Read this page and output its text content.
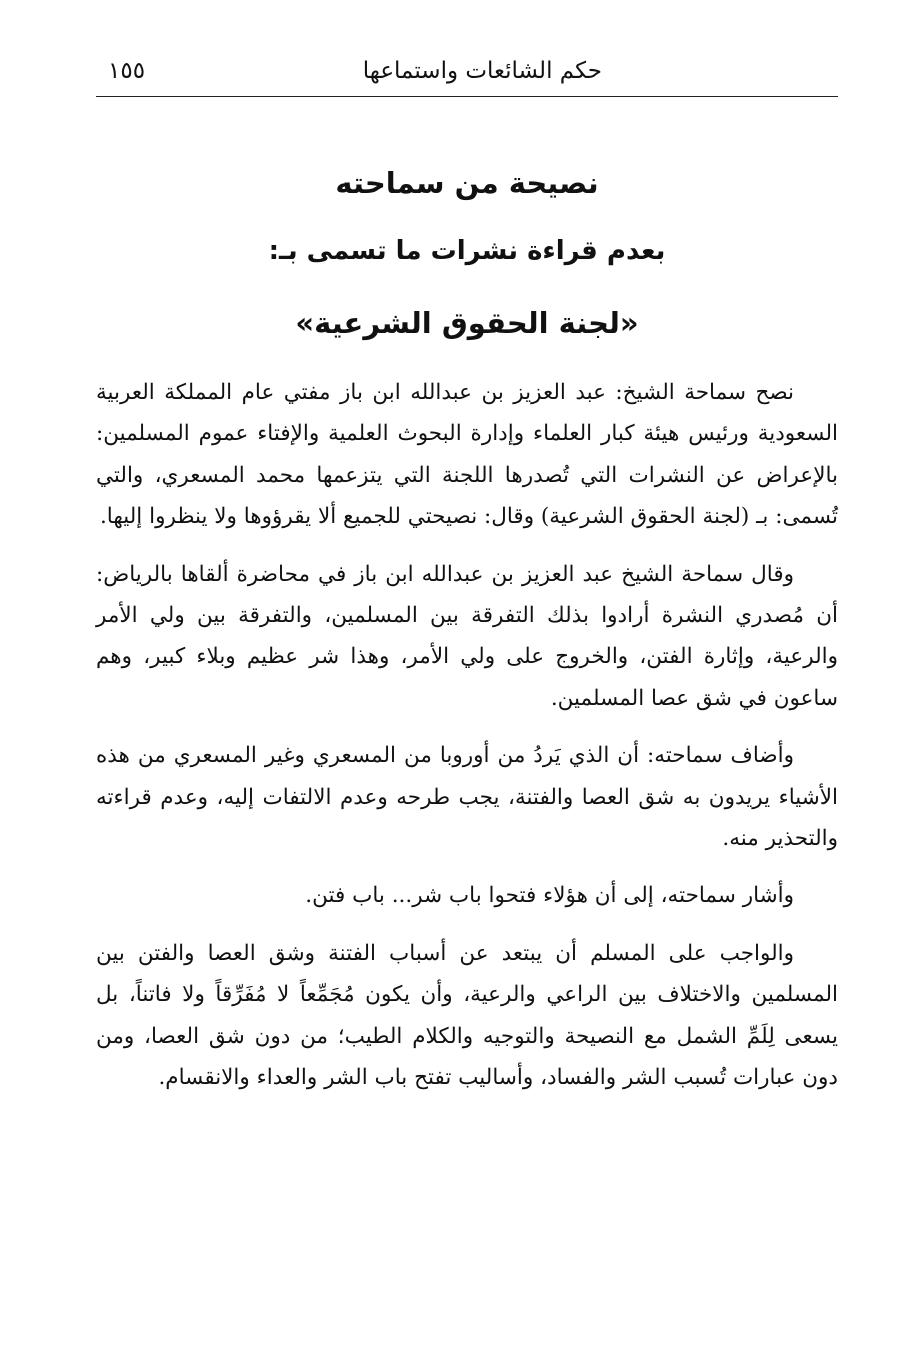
حكم الشائعات واستماعها
١٥٥
نصيحة من سماحته
بعدم قراءة نشرات ما تسمى بـ:
«لجنة الحقوق الشرعية»

نصح سماحة الشيخ: عبد العزيز بن عبدالله ابن باز مفتي عام المملكة العربية السعودية ورئيس هيئة كبار العلماء وإدارة البحوث العلمية والإفتاء عموم المسلمين: بالإعراض عن النشرات التي تُصدرها اللجنة التي يتزعمها محمد المسعري، والتي تُسمى: بـ (لجنة الحقوق الشرعية) وقال: نصيحتي للجميع ألا يقرؤوها ولا ينظروا إليها.

وقال سماحة الشيخ عبد العزيز بن عبدالله ابن باز في محاضرة ألقاها بالرياض: أن مُصدري النشرة أرادوا بذلك التفرقة بين المسلمين، والتفرقة بين ولي الأمر والرعية، وإثارة الفتن، والخروج على ولي الأمر، وهذا شر عظيم وبلاء كبير، وهم ساعون في شق عصا المسلمين.

وأضاف سماحته: أن الذي يَردُ من أوروبا من المسعري وغير المسعري من هذه الأشياء يريدون به شق العصا والفتنة، يجب طرحه وعدم الالتفات إليه، وعدم قراءته والتحذير منه.

وأشار سماحته، إلى أن هؤلاء فتحوا باب شر... باب فتن.

والواجب على المسلم أن يبتعد عن أسباب الفتنة وشق العصا والفتن بين المسلمين والاختلاف بين الراعي والرعية، وأن يكون مُجَمِّعاً لا مُفَرِّقاً ولا فاتناً، بل يسعى لِلَمِّ الشمل مع النصيحة والتوجيه والكلام الطيب؛ من دون شق العصا، ومن دون عبارات تُسبب الشر والفساد، وأساليب تفتح باب الشر والعداء والانقسام.
